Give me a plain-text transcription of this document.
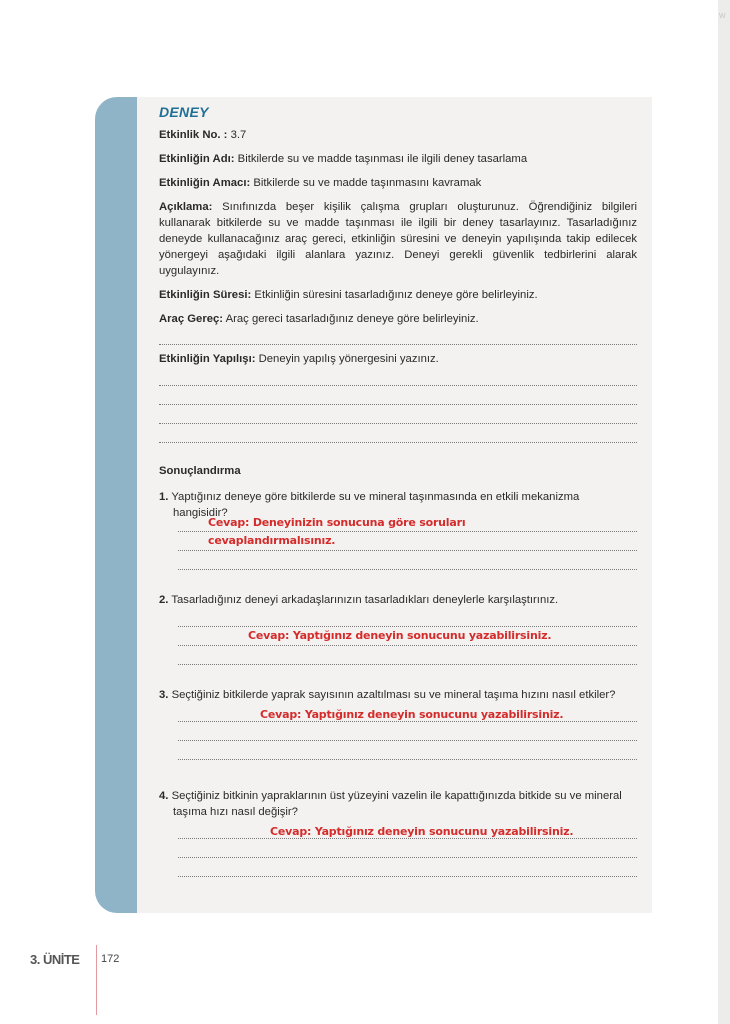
w
DENEY
Etkinlik No. : 3.7
Etkinliğin Adı: Bitkilerde su ve madde taşınması ile ilgili deney tasarlama
Etkinliğin Amacı: Bitkilerde su ve madde taşınmasını kavramak
Açıklama: Sınıfınızda beşer kişilik çalışma grupları oluşturunuz. Öğrendiğiniz bilgileri kullanarak bitkilerde su ve madde taşınması ile ilgili bir deney tasarlayınız. Tasarladığınız deneyde kullanacağınız araç gereci, etkinliğin süresini ve deneyin yapılışında takip edilecek yönergeyi aşağıdaki ilgili alanlara yazınız. Deneyi gerekli güvenlik tedbirlerini alarak uygulayınız.
Etkinliğin Süresi: Etkinliğin süresini tasarladığınız deneye göre belirleyiniz.
Araç Gereç: Araç gereci tasarladığınız deneye göre belirleyiniz.
Etkinliğin Yapılışı: Deneyin yapılış yönergesini yazınız.
Sonuçlandırma
1. Yaptığınız deneye göre bitkilerde su ve mineral taşınmasında en etkili mekanizma hangisidir?
Cevap: Deneyinizin sonucuna göre soruları
cevaplandırmalısınız.
2. Tasarladığınız deneyi arkadaşlarınızın tasarladıkları deneylerle karşılaştırınız.
Cevap: Yaptığınız deneyin sonucunu yazabilirsiniz.
3. Seçtiğiniz bitkilerde yaprak sayısının azaltılması su ve mineral taşıma hızını nasıl etkiler?
Cevap: Yaptığınız deneyin sonucunu yazabilirsiniz.
4. Seçtiğiniz bitkinin yapraklarının üst yüzeyini vazelin ile kapattığınızda bitkide su ve mineral taşıma hızı nasıl değişir?
Cevap: Yaptığınız deneyin sonucunu yazabilirsiniz.
3. ÜNİTE 172
